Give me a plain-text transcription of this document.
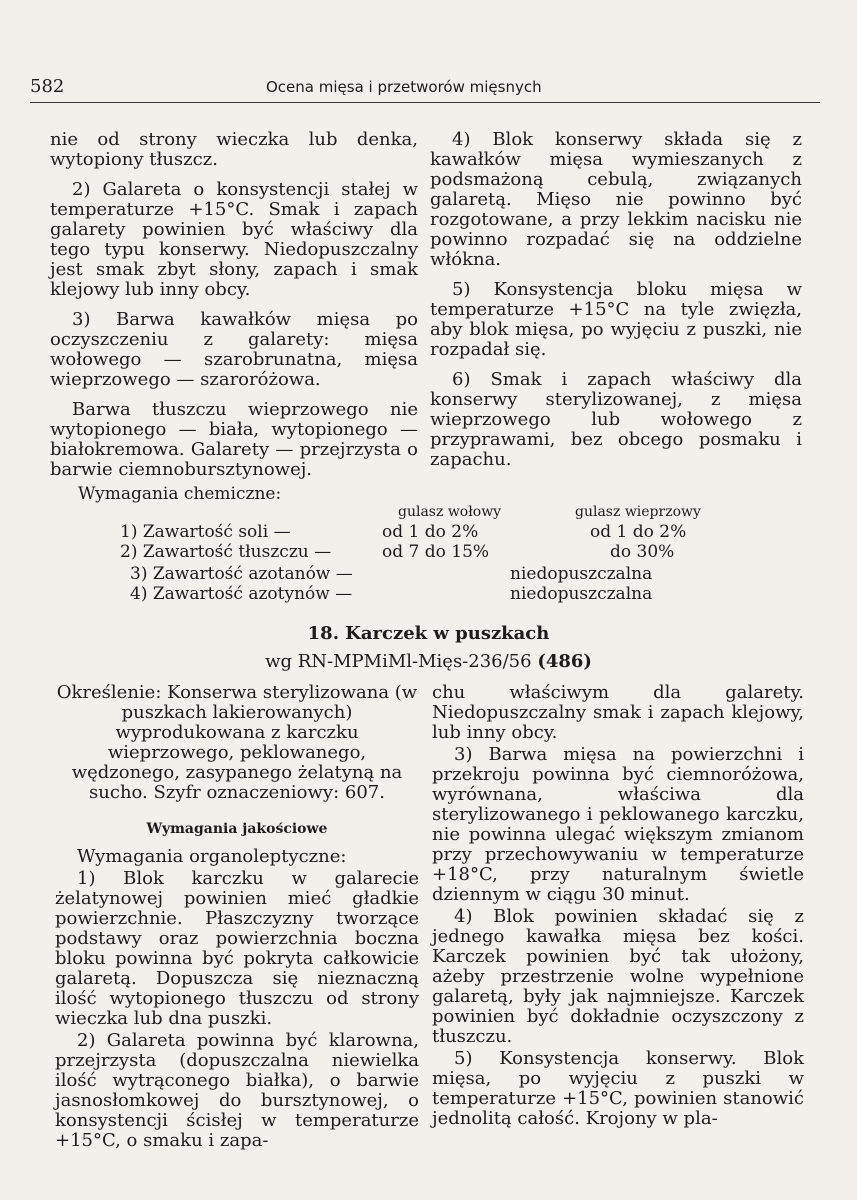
582	Ocena mięsa i przetworów mięsnych

nie od strony wieczka lub denka, wytopiony tłuszcz.

2) Galareta o konsystencji stałej w temperaturze +15°C. Smak i zapach galarety powinien być właściwy dla tego typu konserwy. Niedopuszczalny jest smak zbyt słony, zapach i smak klejowy lub inny obcy.

3) Barwa kawałków mięsa po oczyszczeniu z galarety: mięsa wołowego — szarobrunatna, mięsa wieprzowego — szaroróżowa.

Barwa tłuszczu wieprzowego nie wytopionego — biała, wytopionego — białokremowa. Galarety — przejrzysta o barwie ciemnobursztynowej.

4) Blok konserwy składa się z kawałków mięsa wymieszanych z podsmażoną cebulą, związanych galaretą. Mięso nie powinno być rozgotowane, a przy lekkim nacisku nie powinno rozpadać się na oddzielne włókna.

5) Konsystencja bloku mięsa w temperaturze +15°C na tyle zwięzła, aby blok mięsa, po wyjęciu z puszki, nie rozpadał się.

6) Smak i zapach właściwy dla konserwy sterylizowanej, z mięsa wieprzowego lub wołowego z przyprawami, bez obcego posmaku i zapachu.

Wymagania chemiczne:
gulasz wołowy	gulasz wieprzowy
1) Zawartość soli —	od 1 do 2%	od 1 do 2%
2) Zawartość tłuszczu —	od 7 do 15%	do 30%
3) Zawartość azotanów —	niedopuszczalna
4) Zawartość azotynów —	niedopuszczalna
18. Karczek w puszkach
wg RN-MPMiMl-Mięs-236/56 (486)

Określenie: Konserwa sterylizowana (w puszkach lakierowanych) wyprodukowana z karczku wieprzowego, peklowanego, wędzonego, zasypanego żelatyną na sucho. Szyfr oznaczeniowy: 607.

Wymagania jakościowe

Wymagania organoleptyczne:

1) Blok karczku w galarecie żelatynowej powinien mieć gładkie powierzchnie. Płaszczyzny tworzące podstawy oraz powierzchnia boczna bloku powinna być pokryta całkowicie galaretą. Dopuszcza się nieznaczną ilość wytopionego tłuszczu od strony wieczka lub dna puszki.

2) Galareta powinna być klarowna, przejrzysta (dopuszczalna niewielka ilość wytrąconego białka), o barwie jasnosłomkowej do bursztynowej, o konsystencji ścisłej w temperaturze +15°C, o smaku i zapa-

chu właściwym dla galarety. Niedopuszczalny smak i zapach klejowy, lub inny obcy.

3) Barwa mięsa na powierzchni i przekroju powinna być ciemnoróżowa, wyrównana, właściwa dla sterylizowanego i peklowanego karczku, nie powinna ulegać większym zmianom przy przechowywaniu w temperaturze +18°C, przy naturalnym świetle dziennym w ciągu 30 minut.

4) Blok powinien składać się z jednego kawałka mięsa bez kości. Karczek powinien być tak ułożony, ażeby przestrzenie wolne wypełnione galaretą, były jak najmniejsze. Karczek powinien być dokładnie oczyszczony z tłuszczu.

5) Konsystencja konserwy. Blok mięsa, po wyjęciu z puszki w temperaturze +15°C, powinien stanowić jednolitą całość. Krojony w pla-
